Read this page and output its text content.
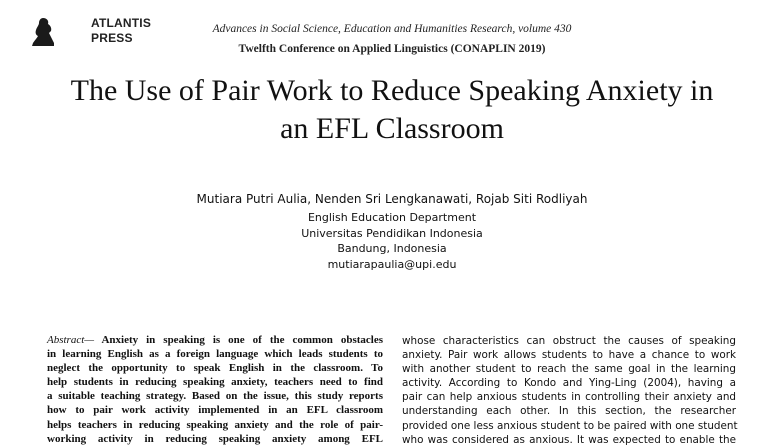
ATLANTIS
PRESS
Advances in Social Science, Education and Humanities Research, volume 430
Twelfth Conference on Applied Linguistics (CONAPLIN 2019)
The Use of Pair Work to Reduce Speaking Anxiety in
an EFL Classroom
Mutiara Putri Aulia, Nenden Sri Lengkanawati, Rojab Siti Rodliyah
English Education Department
Universitas Pendidikan Indonesia
Bandung, Indonesia
mutiarapaulia@upi.edu
Abstract— Anxiety in speaking is one of the common obstacles
in learning English as a foreign language which leads students to
neglect the opportunity to speak English in the classroom. To
help students in reducing speaking anxiety, teachers need to find
a suitable teaching strategy. Based on the issue, this study reports
how to pair work activity implemented in an EFL classroom
helps teachers in reducing speaking anxiety and the role of pair-
working activity in reducing speaking anxiety among EFL
whose characteristics can obstruct the causes of speaking
anxiety. Pair work allows students to have a chance to work
with another student to reach the same goal in the learning
activity. According to Kondo and Ying-Ling (2004), having a
pair can help anxious students in controlling their anxiety and
understanding each other. In this section, the researcher
provided one less anxious student to be paired with one student
who was considered as anxious. It was expected to enable the
